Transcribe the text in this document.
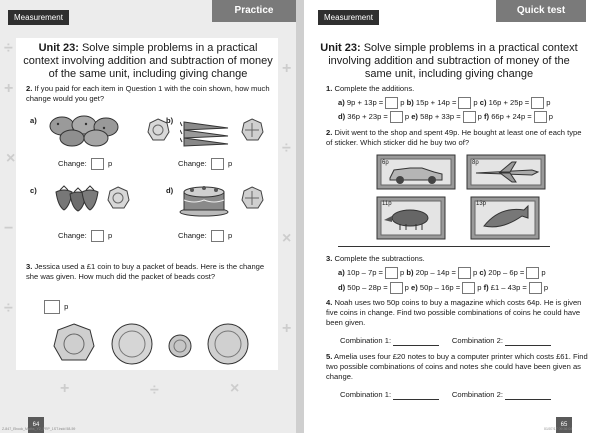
÷
+
×
−
÷
+
÷
×
+
+	÷	×
Measurement
Practice
Unit 23: Solve simple problems in a practical context involving addition and subtraction of money of the same unit, including giving change
2. If you paid for each item in Question 1 with the coin shown, how much change would you get?
a)
Change:	p
b)
Change:	p
c)
Change:	p
d)
Change:	p
3. Jessica used a £1 coin to buy a packet of beads. Here is the change she was given. How much did the packet of beads cost?
p
64
Z-847_Ebook_Maths_Y2_PRP_1ST.indd 58-59
Measurement
Quick test
Unit 23: Solve simple problems in a practical context involving addition and subtraction of money of the same unit, including giving change
1. Complete the additions.
a) 9p + 13p = p b) 15p + 14p = p c) 16p + 25p = p
d) 36p + 23p = p e) 58p + 33p = p f) 66p + 24p = p
2. Divit went to the shop and spent 49p. He bought at least one of each type of sticker. Which sticker did he buy two of?
6p	8p
11p	13p
3. Complete the subtractions.
a) 10p – 7p = p b) 20p – 14p = p c) 20p – 6p = p
d) 50p – 28p = p e) 50p – 16p = p f) £1 – 43p = p
4. Noah uses two 50p coins to buy a magazine which costs 64p. He is given five coins in change. Find two possible combinations of coins he could have been given.
Combination 1:	Combination 2:
5. Amelia uses four £20 notes to buy a computer printer which costs £61. Find two possible combinations of coins and notes she could have been given as change.
Combination 1:	Combination 2:
65
01/07/17 09:36:04
